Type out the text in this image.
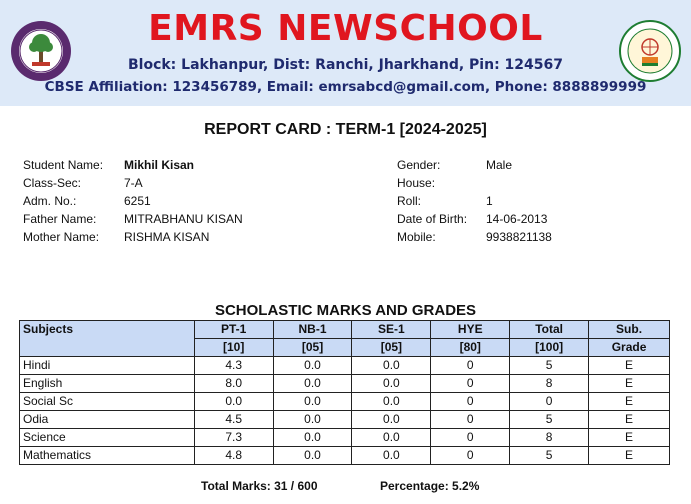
EMRS NEWSCHOOL
Block: Lakhanpur, Dist: Ranchi, Jharkhand, Pin: 124567
CBSE Affiliation: 123456789, Email: emrsabcd@gmail.com, Phone: 8888899999
REPORT CARD : TERM-1 [2024-2025]
Student Name: Mikhil Kisan
Class-Sec:	7-A
Adm. No.:	6251
Father Name: MITRABHANU KISAN
Mother Name: RISHMA KISAN
Gender:	Male
House:
Roll:	1
Date of Birth: 14-06-2013
Mobile:	9938821138
SCHOLASTIC MARKS AND GRADES
Subjects	PT-1	NB-1	SE-1	HYE	Total	Sub.
	[10]	[05]	[05]	[80]	[100]	Grade
Hindi	4.3	0.0	0.0	0	5	E
English	8.0	0.0	0.0	0	8	E
Social Sc	0.0	0.0	0.0	0	0	E
Odia	4.5	0.0	0.0	0	5	E
Science	7.3	0.0	0.0	0	8	E
Mathematics	4.8	0.0	0.0	0	5	E
Total Marks: 31 / 600	Percentage: 5.2%
